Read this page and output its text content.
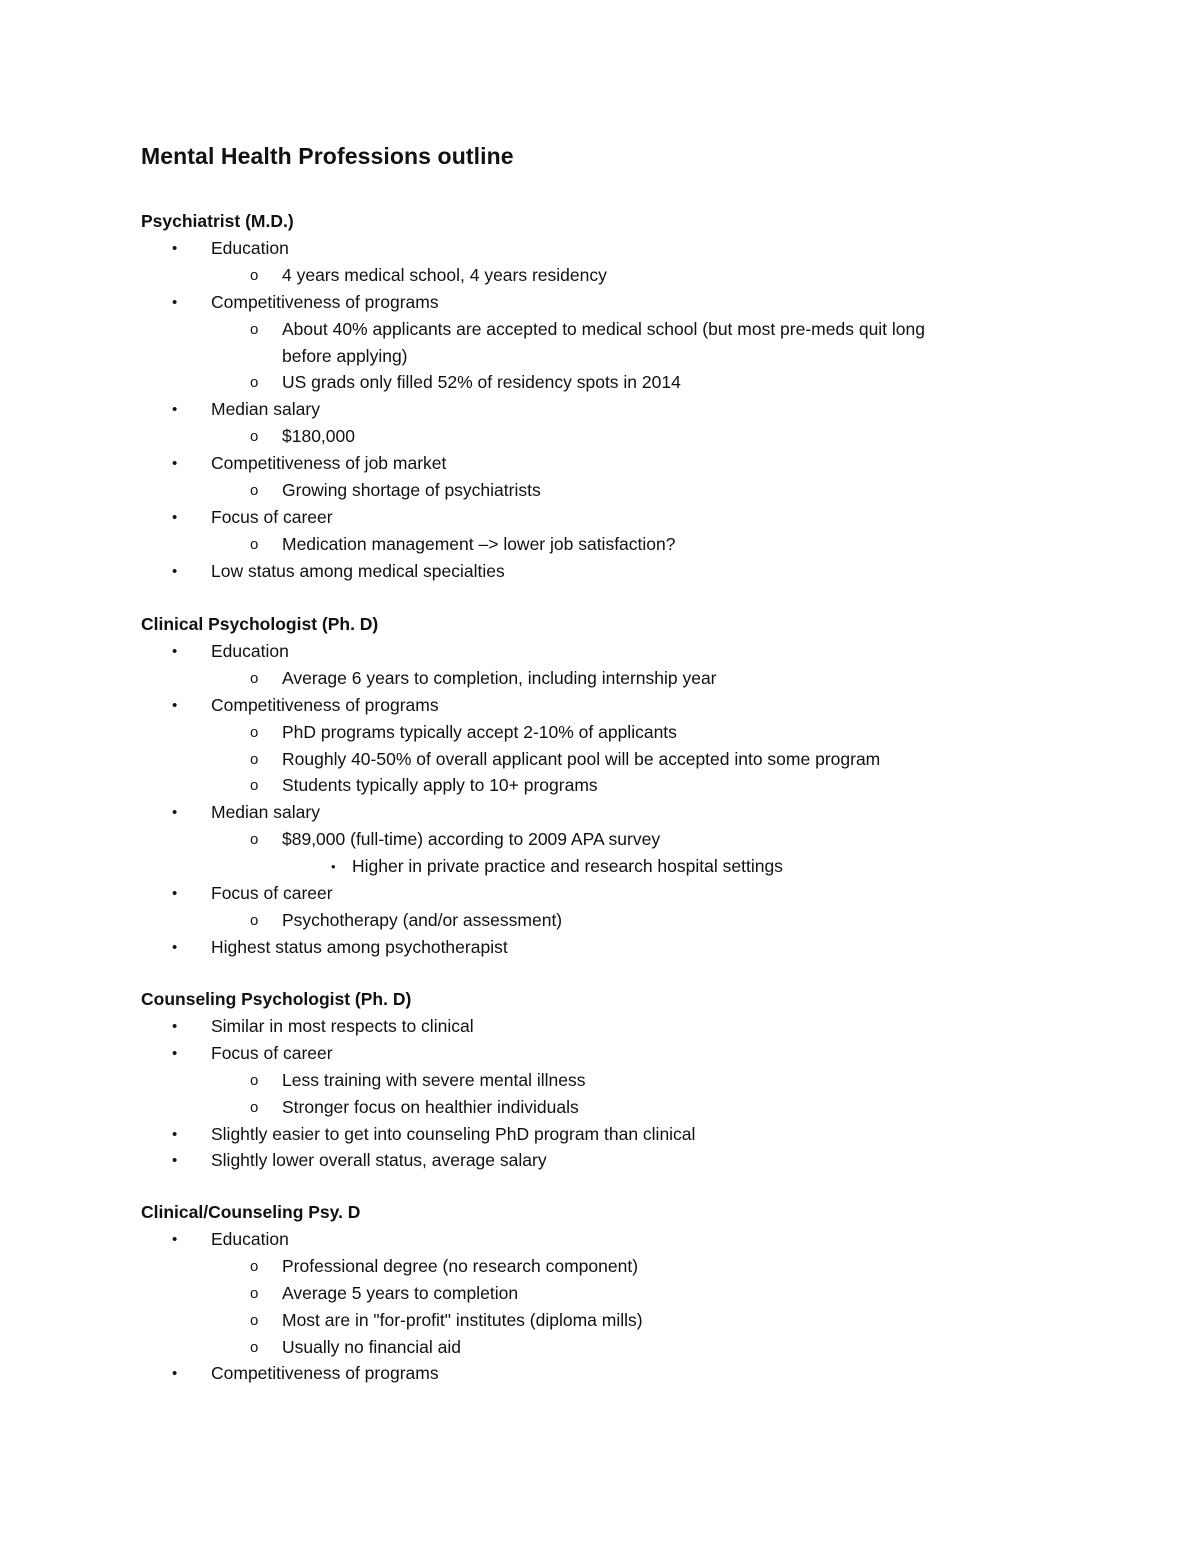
Mental Health Professions outline
Psychiatrist (M.D.)
• Education
o 4 years medical school, 4 years residency
• Competitiveness of programs
o About 40% applicants are accepted to medical school (but most pre-meds quit long
before applying)
o US grads only filled 52% of residency spots in 2014
• Median salary
o $180,000
• Competitiveness of job market
o Growing shortage of psychiatrists
• Focus of career
o Medication management –> lower job satisfaction?
• Low status among medical specialties
Clinical Psychologist (Ph. D)
• Education
o Average 6 years to completion, including internship year
• Competitiveness of programs
o PhD programs typically accept 2-10% of applicants
o Roughly 40-50% of overall applicant pool will be accepted into some program
o Students typically apply to 10+ programs
• Median salary
o $89,000 (full-time) according to 2009 APA survey
• Higher in private practice and research hospital settings
• Focus of career
o Psychotherapy (and/or assessment)
• Highest status among psychotherapist
Counseling Psychologist (Ph. D)
• Similar in most respects to clinical
• Focus of career
o Less training with severe mental illness
o Stronger focus on healthier individuals
• Slightly easier to get into counseling PhD program than clinical
• Slightly lower overall status, average salary
Clinical/Counseling Psy. D
• Education
o Professional degree (no research component)
o Average 5 years to completion
o Most are in "for-profit" institutes (diploma mills)
o Usually no financial aid
• Competitiveness of programs
